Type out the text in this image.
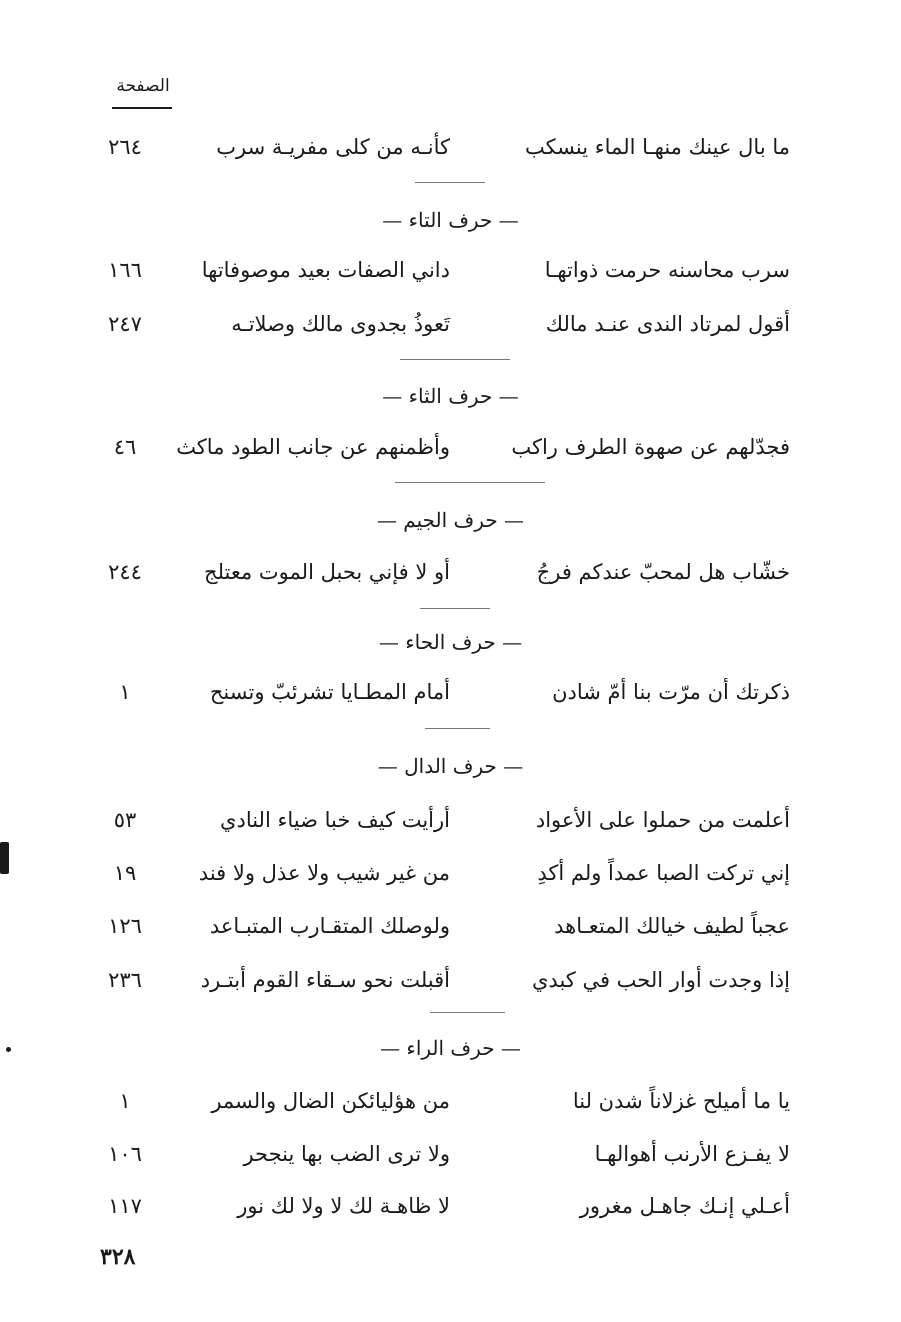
الصفحة
ما بال عينك منهـا الماء ينسكب
كأنـه من كلى مفريـة سرب
٢٦٤
— حرف التاء —
سرب محاسنه حرمت ذواتهـا
داني الصفات بعيد موصوفاتها
١٦٦
أقول لمرتاد الندى عنـد مالك
تَعوذُ بجدوى مالك وصلاتـه
٢٤٧
— حرف الثاء —
فجدّلهم عن صهوة الطرف راكب
وأظمنهم عن جانب الطود ماكث
٤٦
— حرف الجيم —
خشّاب هل لمحبّ عندكم فرجُ
أو لا فإني بحبل الموت معتلج
٢٤٤
— حرف الحاء —
ذكرتك أن مرّت بنا أمّ شادن
أمام المطـايا تشرئبّ وتسنح
١
— حرف الدال —
أعلمت من حملوا على الأعواد
أرأيت كيف خبا ضياء النادي
٥٣
إني تركت الصبا عمداً ولم أكدِ
من غير شيب ولا عذل ولا فند
١٩
عجباً لطيف خيالك المتعـاهد
ولوصلك المتقـارب المتبـاعد
١٢٦
إذا وجدت أوار الحب في كبدي
أقبلت نحو سـقاء القوم أبتـرد
٢٣٦
— حرف الراء —
يا ما أميلح غزلاناً شدن لنا
من هؤليائكن الضال والسمر
١
لا يفـزع الأرنب أهوالهـا
ولا ترى الضب بها ينجحر
١٠٦
أعـلي إنـك جاهـل مغرور
لا ظاهـة لك لا ولا لك نور
١١٧
٣٢٨
